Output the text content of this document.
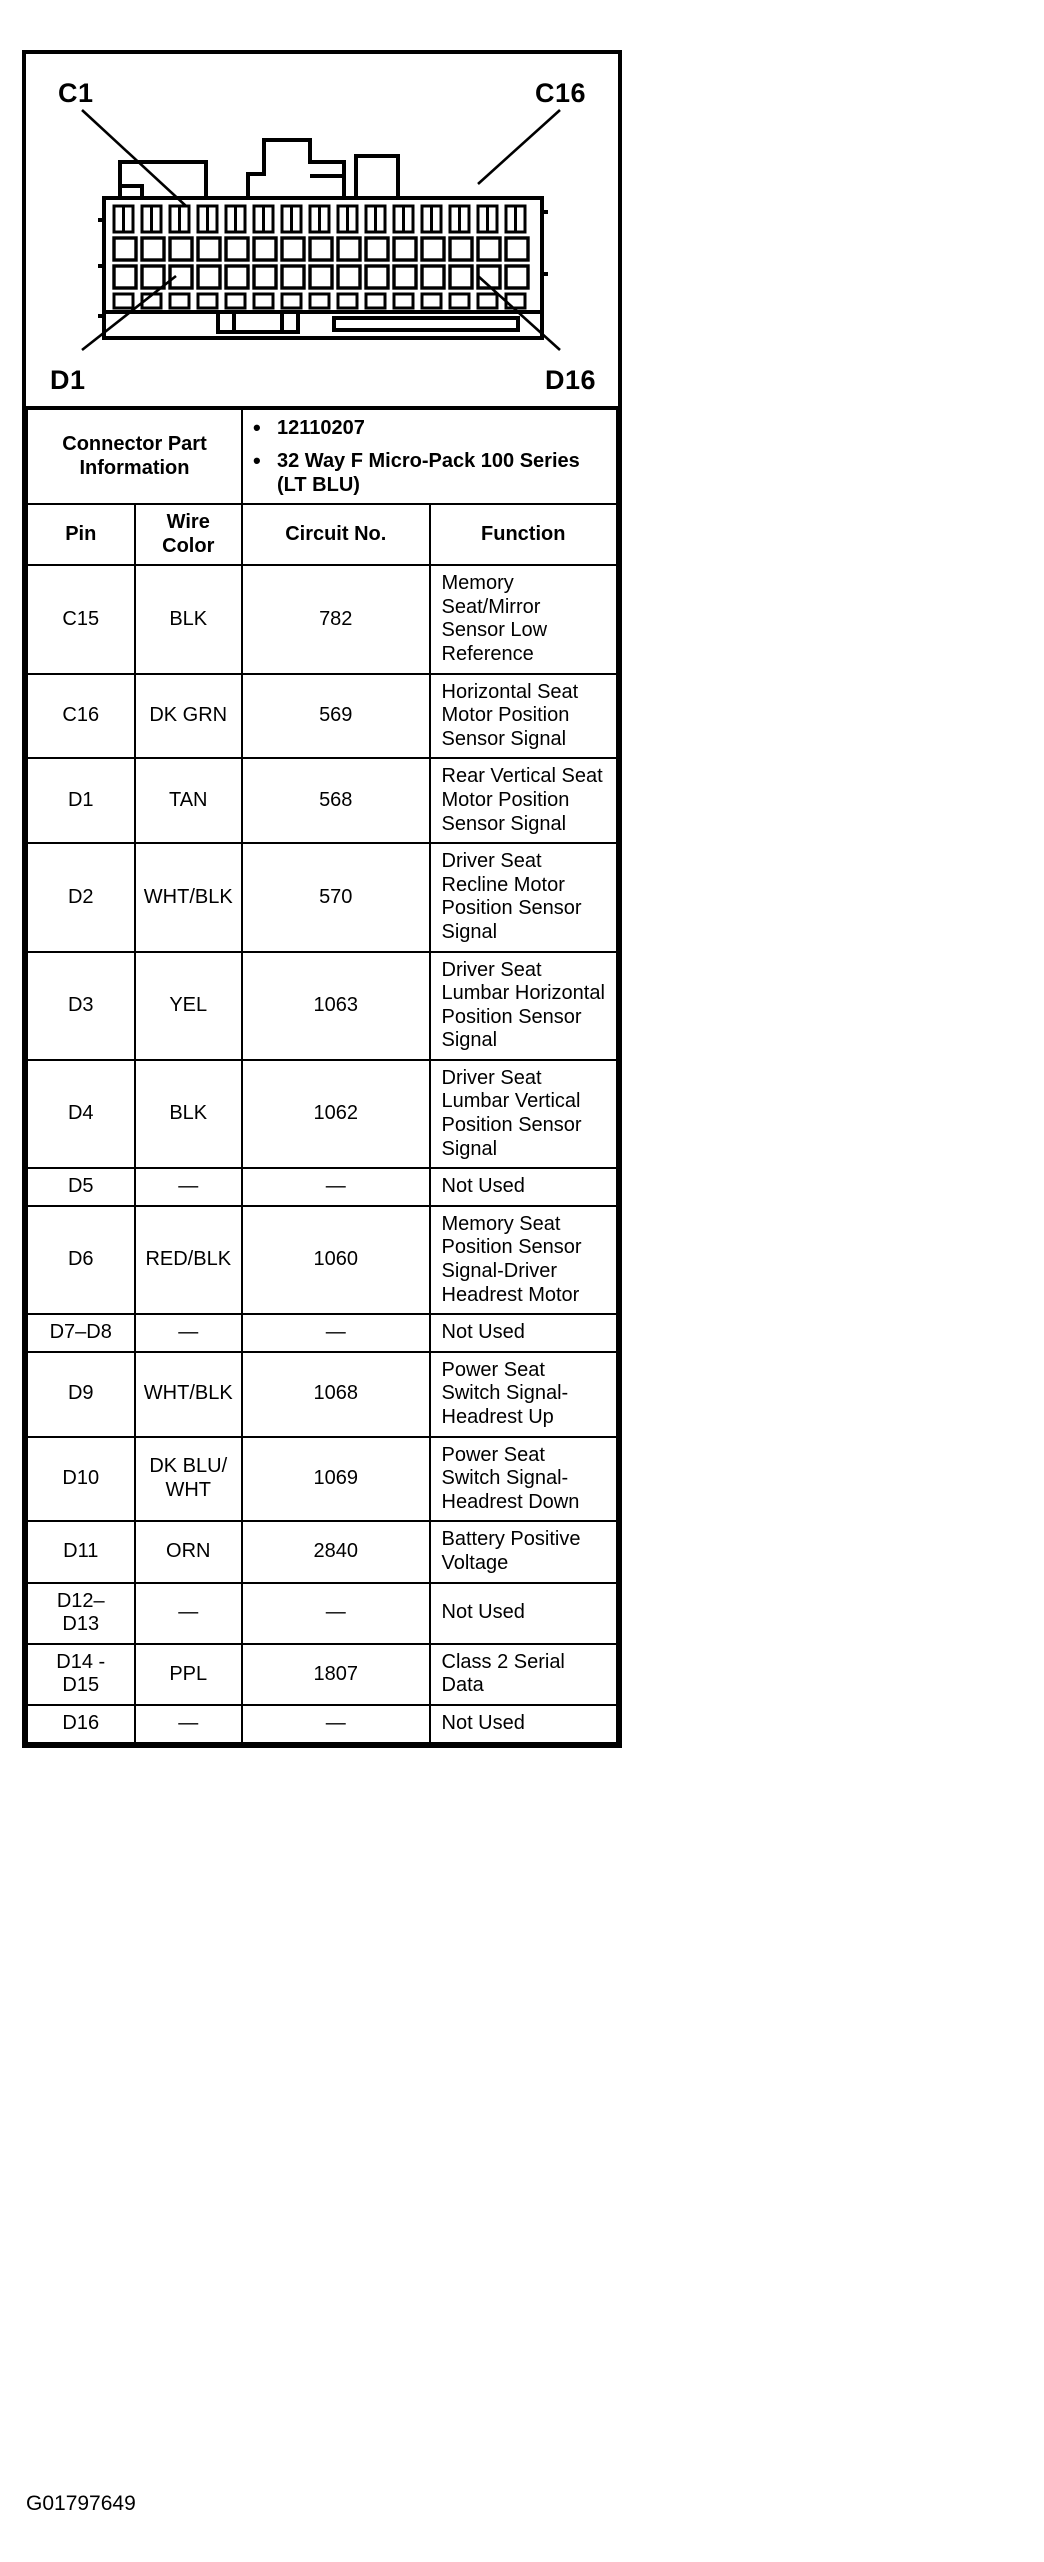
C1	C16
D1	D16
Connector Part Information	
• 12110207
• 32 Way F Micro-Pack 100 Series (LT BLU)

Pin	Wire Color	Circuit No.	Function
C15	BLK	782	Memory Seat/Mirror Sensor Low Reference
C16	DK GRN	569	Horizontal Seat Motor Position Sensor Signal
D1	TAN	568	Rear Vertical Seat Motor Position Sensor Signal
D2	WHT/BLK	570	Driver Seat Recline Motor Position Sensor Signal
D3	YEL	1063	Driver Seat Lumbar Horizontal Position Sensor Signal
D4	BLK	1062	Driver Seat Lumbar Vertical Position Sensor Signal
D5	—	—	Not Used
D6	RED/BLK	1060	Memory Seat Position Sensor Signal-Driver Headrest Motor
D7–D8	—	—	Not Used
D9	WHT/BLK	1068	Power Seat Switch Signal-Headrest Up
D10	DK BLU/ WHT	1069	Power Seat Switch Signal-Headrest Down
D11	ORN	2840	Battery Positive Voltage
D12– D13	—	—	Not Used
D14 - D15	PPL	1807	Class 2 Serial Data
D16	—	—	Not Used
G01797649
